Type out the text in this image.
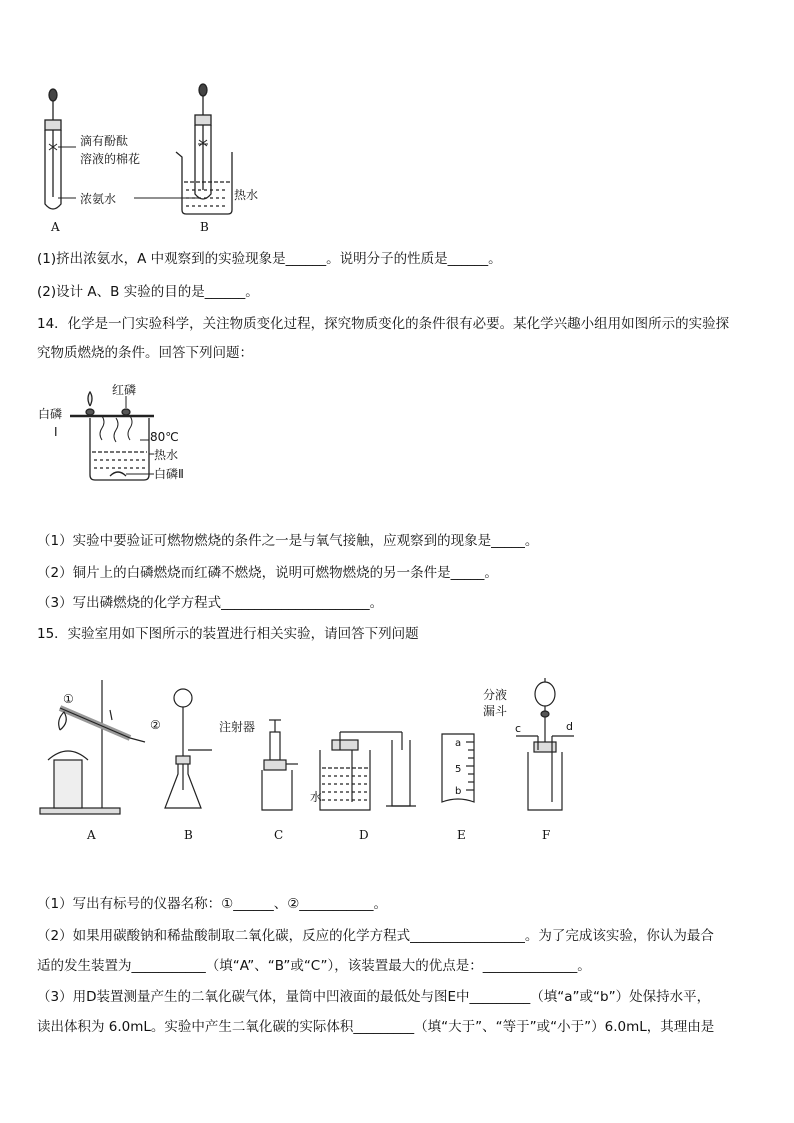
滴有酚酞
溶液的棉花
浓氨水	热水
A	B
(1)挤出浓氨水，A 中观察到的实验现象是______。说明分子的性质是______。
(2)设计 A、B 实验的目的是______。
14．化学是一门实验科学，关注物质变化过程，探究物质变化的条件很有必要。某化学兴趣小组用如图所示的实验探
究物质燃烧的条件。回答下列问题：
红磷
白磷
I	80℃
热水
白磷Ⅱ
（1）实验中要验证可燃物燃烧的条件之一是与氧气接触，应观察到的现象是_____。
（2）铜片上的白磷燃烧而红磷不燃烧，说明可燃物燃烧的另一条件是_____。
（3）写出磷燃烧的化学方程式______________________。
15．实验室用如下图所示的装置进行相关实验，请回答下列问题
①
②	注射器
水
分液
漏斗
a
5
b
c	d
A	B	C	D	E	F
（1）写出有标号的仪器名称：①______、②___________。
（2）如果用碳酸钠和稀盐酸制取二氧化碳，反应的化学方程式_________________。为了完成该实验，你认为最合
适的发生装置为___________（填“A”、“B”或“C”），该装置最大的优点是：______________。
（3）用D装置测量产生的二氧化碳气体，量筒中凹液面的最低处与图E中_________（填“a”或“b”）处保持水平，
读出体积为 6.0mL。实验中产生二氧化碳的实际体积_________（填“大于”、“等于”或“小于”）6.0mL，其理由是
